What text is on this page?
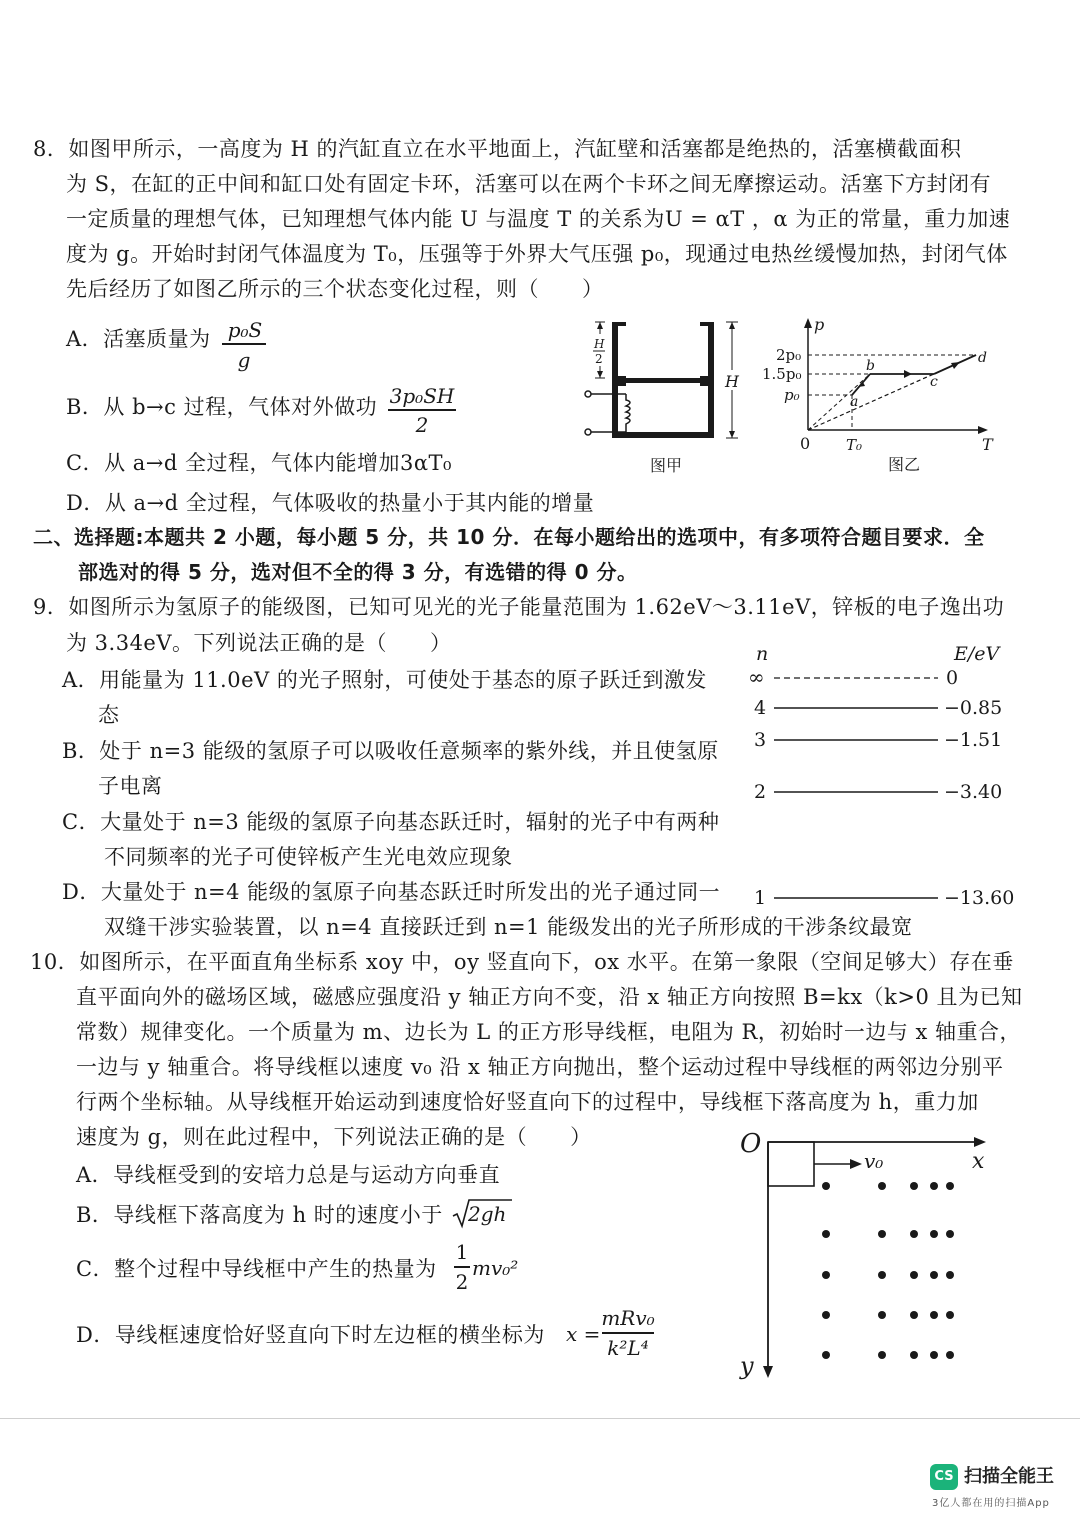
8．如图甲所示，一高度为 H 的汽缸直立在水平地面上，汽缸壁和活塞都是绝热的，活塞横截面积
为 S，在缸的正中间和缸口处有固定卡环，活塞可以在两个卡环之间无摩擦运动。活塞下方封闭有
一定质量的理想气体，已知理想气体内能 U 与温度 T 的关系为U = αT ，α 为正的常量，重力加速
度为 g。开始时封闭气体温度为 T₀，压强等于外界大气压强 p₀，现通过电热丝缓慢加热，封闭气体
先后经历了如图乙所示的三个状态变化过程，则（　　）
A．活塞质量为 p₀S
g
B．从 b→c 过程，气体对外做功 3p₀SH
2
C．从 a→d 全过程，气体内能增加3αT₀
D．从 a→d 全过程，气体吸收的热量小于其内能的增量
H
2
H
图甲
p
T
0 T₀
2p₀
1.5p₀
p₀	a
b
c
d
图乙
二、选择题:本题共 2 小题，每小题 5 分，共 10 分．在每小题给出的选项中，有多项符合题目要求．全
部选对的得 5 分，选对但不全的得 3 分，有选错的得 0 分。
9．如图所示为氢原子的能级图，已知可见光的光子能量范围为 1.62eV～3.11eV，锌板的电子逸出功
为 3.34eV。下列说法正确的是（　　）
A．用能量为 11.0eV 的光子照射，可使处于基态的原子跃迁到激发
态
B．处于 n=3 能级的氢原子可以吸收任意频率的紫外线，并且使氢原
子电离
C．大量处于 n=3 能级的氢原子向基态跃迁时，辐射的光子中有两种
不同频率的光子可使锌板产生光电效应现象
D．大量处于 n=4 能级的氢原子向基态跃迁时所发出的光子通过同一
双缝干涉实验装置，以 n=4 直接跃迁到 n=1 能级发出的光子所形成的干涉条纹最宽
n	E/eV
∞	0
4	−0.85
3	−1.51
2	−3.40
1	−13.60
10．如图所示，在平面直角坐标系 xoy 中，oy 竖直向下，ox 水平。在第一象限（空间足够大）存在垂
直平面向外的磁场区域，磁感应强度沿 y 轴正方向不变，沿 x 轴正方向按照 B=kx（k>0 且为已知
常数）规律变化。一个质量为 m、边长为 L 的正方形导线框，电阻为 R，初始时一边与 x 轴重合，
一边与 y 轴重合。将导线框以速度 v₀ 沿 x 轴正方向抛出，整个运动过程中导线框的两邻边分别平
行两个坐标轴。从导线框开始运动到速度恰好竖直向下的过程中，导线框下落高度为 h，重力加
速度为 g，则在此过程中，下列说法正确的是（　　）
A．导线框受到的安培力总是与运动方向垂直
B．导线框下落高度为 h 时的速度小于 2gh
C．整个过程中导线框中产生的热量为
1
2
mv₀²
D．导线框速度恰好竖直向下时左边框的横坐标为 x =
mRv₀
k²L⁴
O
x
y
v₀
CS 扫描全能王
3亿人都在用的扫描App
